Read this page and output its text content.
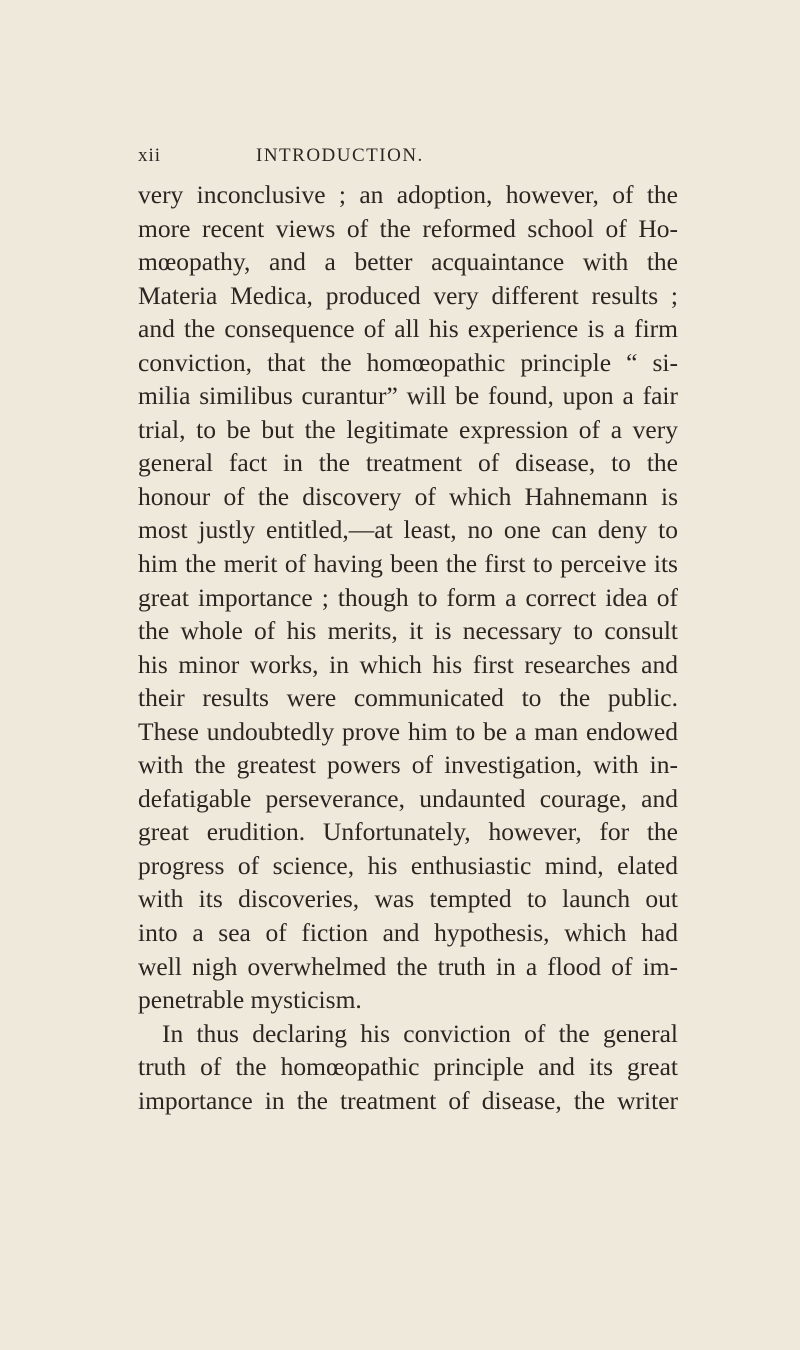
xii	INTRODUCTION.
very inconclusive ; an adoption, however, of the
more recent views of the reformed school of Ho-
mœopathy, and a better acquaintance with the
Materia Medica, produced very different results ;
and the consequence of all his experience is a firm
conviction, that the homœopathic principle “ si-
milia similibus curantur” will be found, upon a fair
trial, to be but the legitimate expression of a very
general fact in the treatment of disease, to the
honour of the discovery of which Hahnemann is
most justly entitled,—at least, no one can deny to
him the merit of having been the first to perceive its
great importance ; though to form a correct idea of
the whole of his merits, it is necessary to consult
his minor works, in which his first researches and
their results were communicated to the public.
These undoubtedly prove him to be a man endowed
with the greatest powers of investigation, with in-
defatigable perseverance, undaunted courage, and
great erudition. Unfortunately, however, for the
progress of science, his enthusiastic mind, elated
with its discoveries, was tempted to launch out
into a sea of fiction and hypothesis, which had
well nigh overwhelmed the truth in a flood of im-
penetrable mysticism.
In thus declaring his conviction of the general
truth of the homœopathic principle and its great
importance in the treatment of disease, the writer
